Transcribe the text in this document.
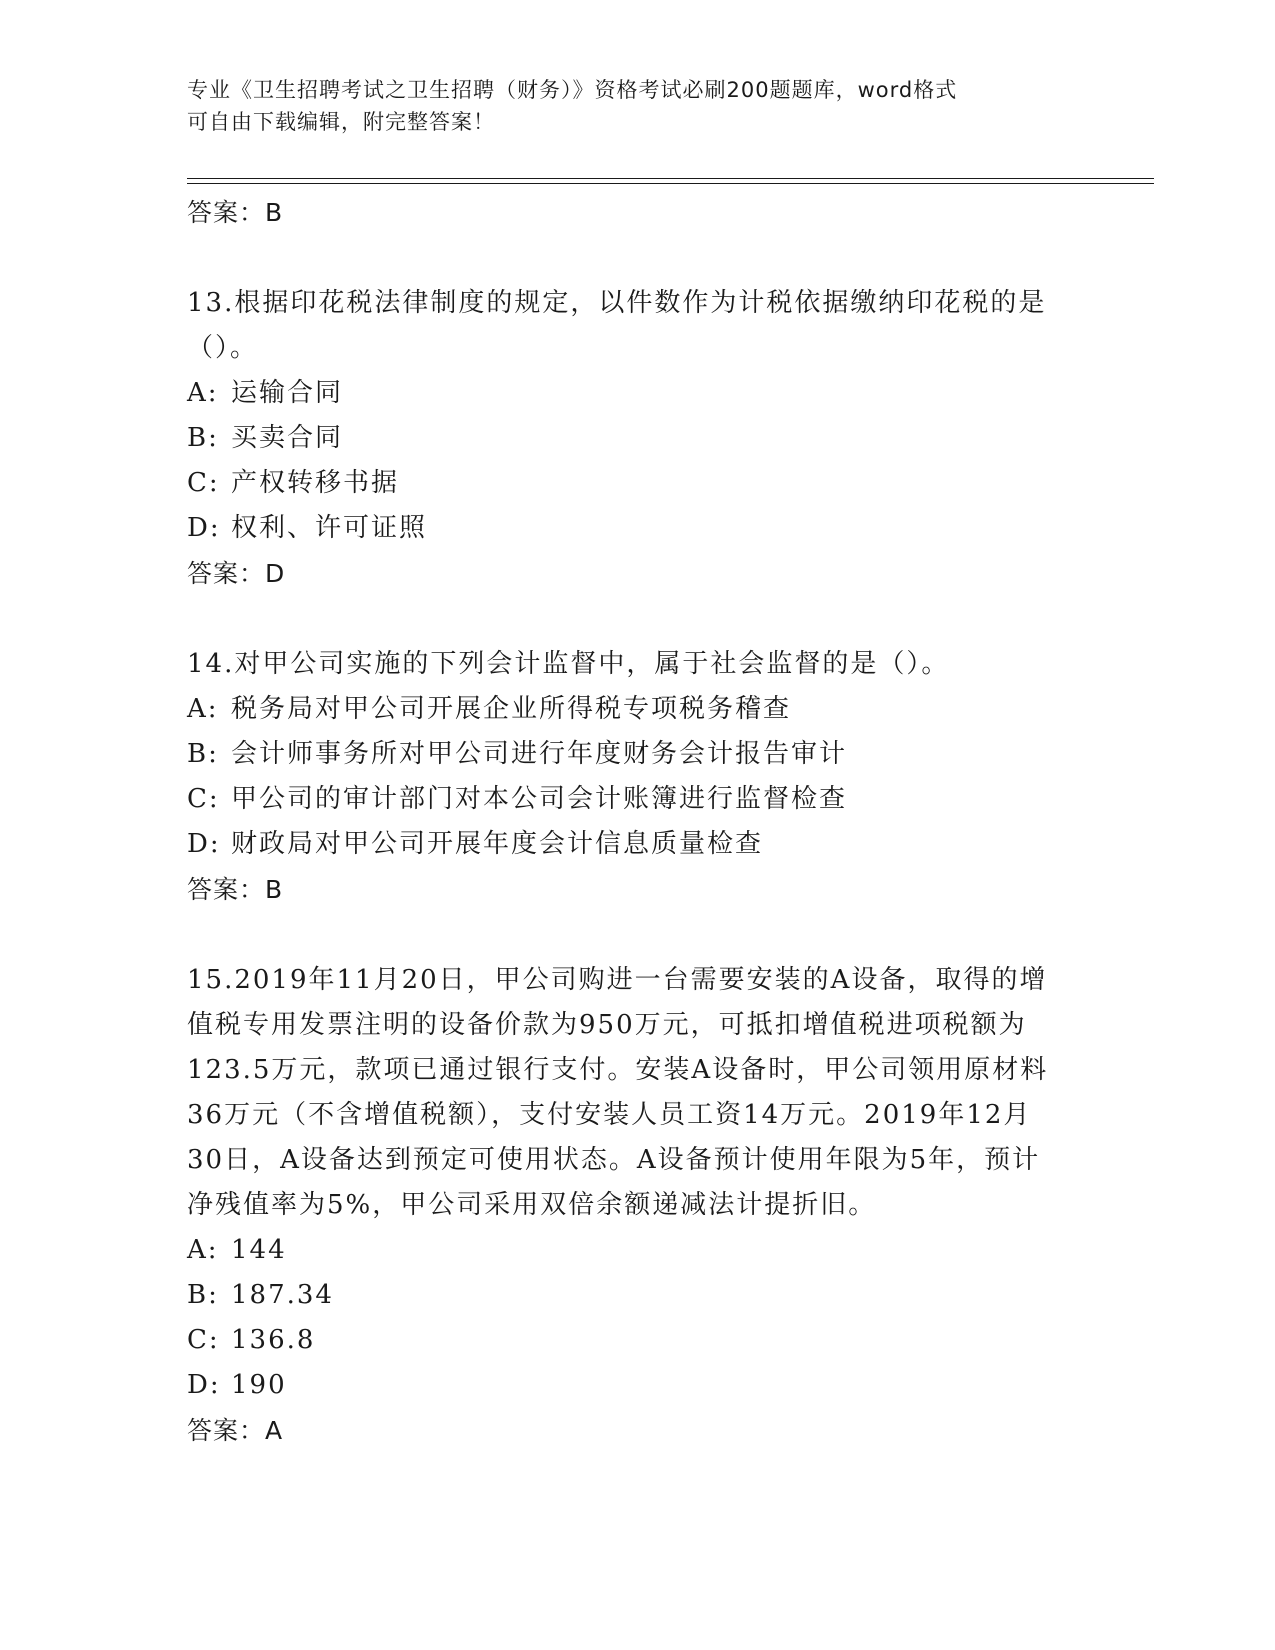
专业《卫生招聘考试之卫生招聘（财务）》资格考试必刷200题题库，word格式
可自由下载编辑，附完整答案！

答案：B

13.根据印花税法律制度的规定，以件数作为计税依据缴纳印花税的是
（）。
A: 运输合同
B: 买卖合同
C: 产权转移书据
D: 权利、许可证照

答案：D

14.对甲公司实施的下列会计监督中，属于社会监督的是（）。
A: 税务局对甲公司开展企业所得税专项税务稽查
B: 会计师事务所对甲公司进行年度财务会计报告审计
C: 甲公司的审计部门对本公司会计账簿进行监督检查
D: 财政局对甲公司开展年度会计信息质量检查

答案：B

15.2019年11月20日，甲公司购进一台需要安装的A设备，取得的增
值税专用发票注明的设备价款为950万元，可抵扣增值税进项税额为
123.5万元，款项已通过银行支付。安装A设备时，甲公司领用原材料
36万元（不含增值税额），支付安装人员工资14万元。2019年12月
30日，A设备达到预定可使用状态。A设备预计使用年限为5年，预计
净残值率为5%，甲公司采用双倍余额递减法计提折旧。
A: 144
B: 187.34
C: 136.8
D: 190

答案：A
